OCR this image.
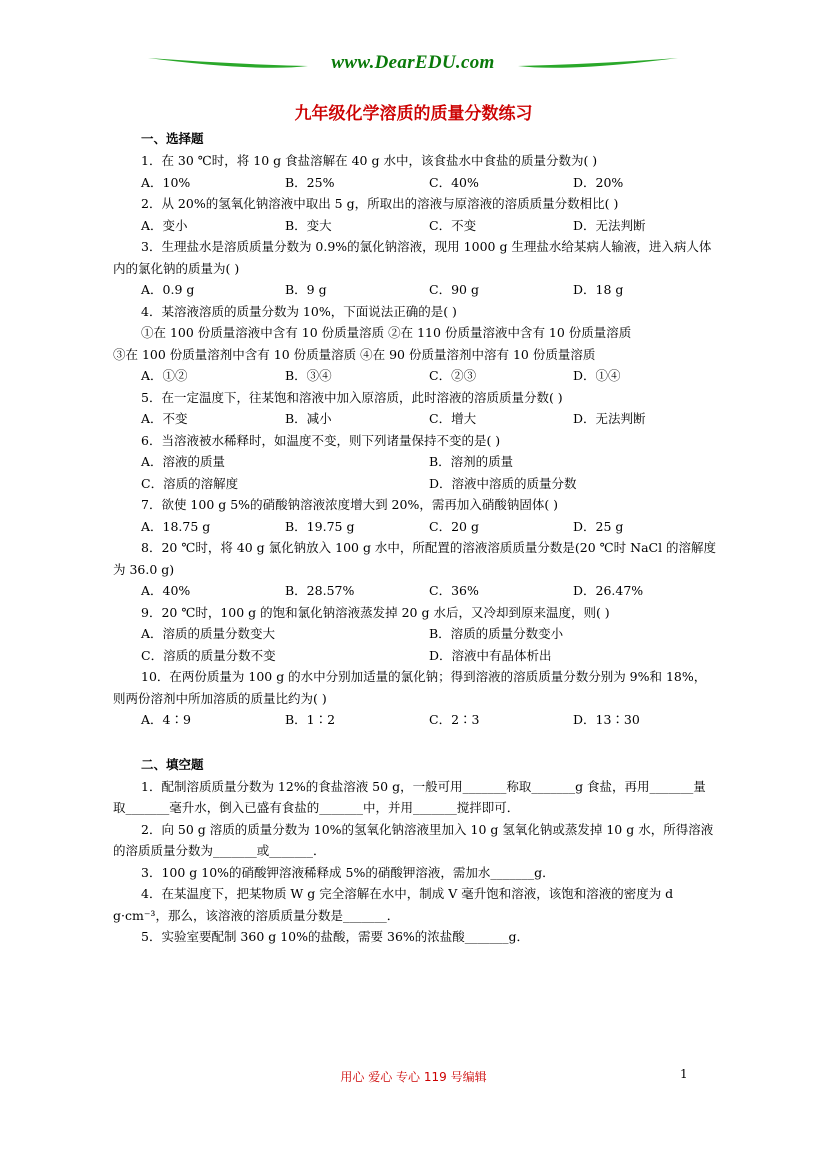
www.DearEDU.com
九年级化学溶质的质量分数练习
一、选择题
1．在 30 ℃时，将 10 g 食盐溶解在 40 g 水中，该食盐水中食盐的质量分数为( )
A．10%	B．25%	C．40%	D．20%
2．从 20%的氢氧化钠溶液中取出 5 g，所取出的溶液与原溶液的溶质质量分数相比( )
A．变小	B．变大	C．不变	D．无法判断
3．生理盐水是溶质质量分数为 0.9%的氯化钠溶液，现用 1000 g 生理盐水给某病人输液，进入病人体内的氯化钠的质量为( )
A．0.9 g	B．9 g	C．90 g	D．18 g
4．某溶液溶质的质量分数为 10%，下面说法正确的是( )
①在 100 份质量溶液中含有 10 份质量溶质 ②在 110 份质量溶液中含有 10 份质量溶质
③在 100 份质量溶剂中含有 10 份质量溶质 ④在 90 份质量溶剂中溶有 10 份质量溶质
A．①②	B．③④	C．②③	D．①④
5．在一定温度下，往某饱和溶液中加入原溶质，此时溶液的溶质质量分数( )
A．不变	B．减小	C．增大	D．无法判断
6．当溶液被水稀释时，如温度不变，则下列诸量保持不变的是( )
A．溶液的质量	B．溶剂的质量
C．溶质的溶解度	D．溶液中溶质的质量分数
7．欲使 100 g 5%的硝酸钠溶液浓度增大到 20%，需再加入硝酸钠固体( )
A．18.75 g	B．19.75 g	C．20 g	D．25 g
8．20 ℃时，将 40 g 氯化钠放入 100 g 水中，所配置的溶液溶质质量分数是(20 ℃时 NaCl 的溶解度为 36.0 g)
A．40%	B．28.57%	C．36%	D．26.47%
9．20 ℃时，100 g 的饱和氯化钠溶液蒸发掉 20 g 水后，又冷却到原来温度，则( )
A．溶质的质量分数变大	B．溶质的质量分数变小
C．溶质的质量分数不变	D．溶液中有晶体析出
10．在两份质量为 100 g 的水中分别加适量的氯化钠；得到溶液的溶质质量分数分别为 9%和 18%，则两份溶剂中所加溶质的质量比约为( )
A．4∶9	B．1∶2	C．2∶3	D．13∶30
二、填空题
1．配制溶质质量分数为 12%的食盐溶液 50 g，一般可用_______称取_______g 食盐，再用_______量取_______毫升水，倒入已盛有食盐的_______中，并用_______搅拌即可．
2．向 50 g 溶质的质量分数为 10%的氢氧化钠溶液里加入 10 g 氢氧化钠或蒸发掉 10 g 水，所得溶液的溶质质量分数为_______或_______．
3．100 g 10%的硝酸钾溶液稀释成 5%的硝酸钾溶液，需加水_______g．
4．在某温度下，把某物质 W g 完全溶解在水中，制成 V 毫升饱和溶液，该饱和溶液的密度为 d g·cm⁻³，那么，该溶液的溶质质量分数是_______．
5．实验室要配制 360 g 10%的盐酸，需要 36%的浓盐酸_______g．
用心 爱心 专心 119 号编辑	1
